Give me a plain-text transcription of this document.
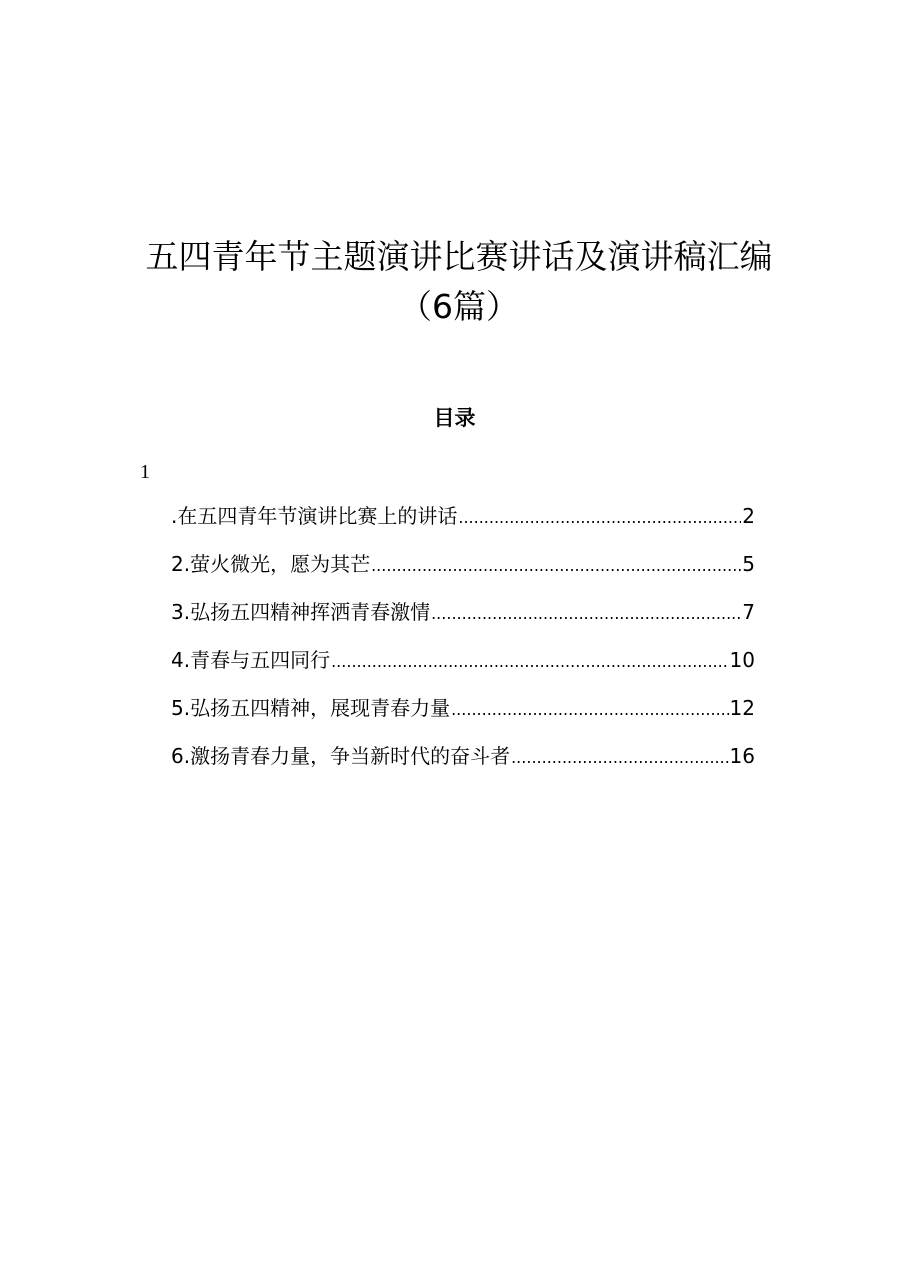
五四青年节主题演讲比赛讲话及演讲稿汇编
（6篇）
目录
1
.在五四青年节演讲比赛上的讲话 .....	2
2.萤火微光，愿为其芒 .....	5
3.弘扬五四精神挥洒青春激情 .....	7
4.青春与五四同行 .....	10
5.弘扬五四精神，展现青春力量 .....	12
6.激扬青春力量，争当新时代的奋斗者 .....	16
